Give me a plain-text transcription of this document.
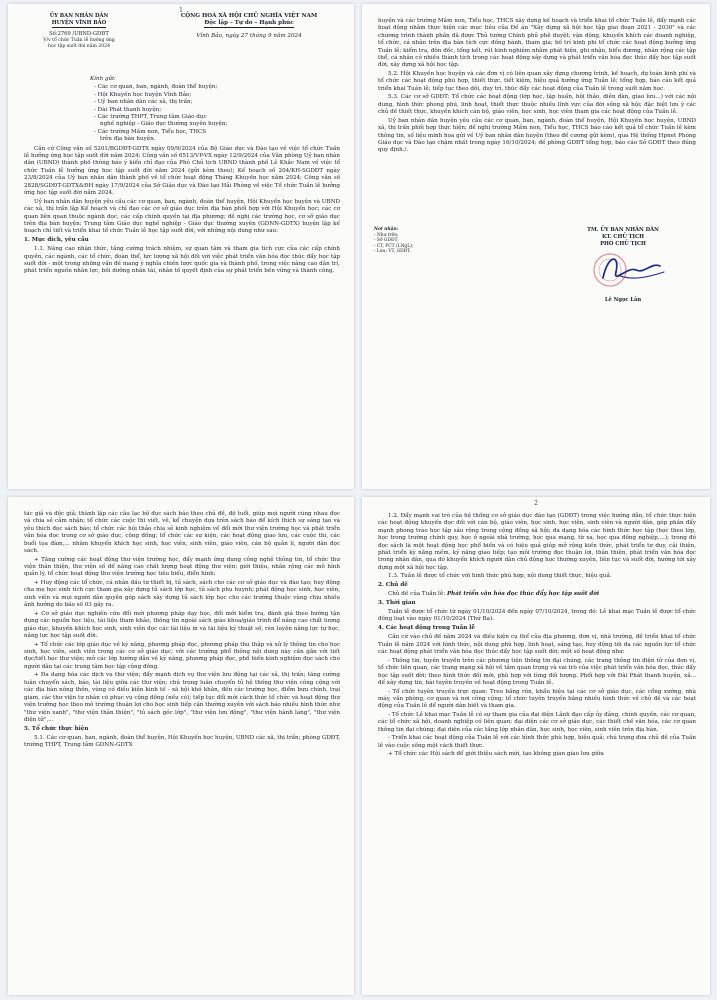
1
ỦY BAN NHÂN DÂN
HUYỆN VĨNH BẢO
Số:2769 /UBND-GDĐT
V/v tổ chức Tuần lễ hưởng ứng
học tập suốt đời năm 2024
CỘNG HOÀ XÃ HỘI CHỦ NGHĨA VIỆT NAM
Độc lập – Tự do – Hạnh phúc
Vĩnh Bảo, ngày 27 tháng 9 năm 2024
Kính gửi:
- Các cơ quan, ban, ngành, đoàn thể huyện;
- Hội Khuyến học huyện Vĩnh Bảo;
- Uỷ ban nhân dân các xã, thị trấn;
- Đài Phát thanh huyện;
- Các trường THPT, Trung tâm Giáo dục
nghề nghiệp - Giáo dục thường xuyên huyện;
- Các trường Mầm non, Tiểu học, THCS
trên địa bàn huyện.

Căn cứ Công văn số 5201/BGDĐT-GDTX ngày 09/9/2024 của Bộ Giáo dục và Đào tạo về việc tổ chức Tuần lễ hưởng ứng học tập suốt đời năm 2024; Công văn số 6513/VP-VX ngày 12/9/2024 của Văn phòng Uỷ ban nhân dân (UBND) thành phố thông báo ý kiến chỉ đạo của Phó Chủ tịch UBND thành phố Lê Khắc Nam về việc tổ chức Tuần lễ hưởng ứng học tập suốt đời năm 2024 (gửi kèm theo); Kế hoạch số 204/KH-SGDĐT ngày 23/8/2024 của Uỷ ban nhân dân thành phố về tổ chức hoạt động Tháng Khuyến học năm 2024; Công văn số 2828/SGDĐT-GDTX&ĐH ngày 17/9/2024 của Sở Giáo dục và Đào tạo Hải Phòng về việc Tổ chức Tuần lễ hưởng ứng học tập suốt đời năm 2024.

Uỷ ban nhân dân huyện yêu cầu các cơ quan, ban, ngành, đoàn thể huyện, Hội Khuyến học huyện và UBND các xã, thị trấn lập Kế hoạch và chỉ đạo các cơ sở giáo dục trên địa bàn phối hợp với Hội Khuyến học; các cơ quan liên quan thuộc ngành dọc, các cấp chính quyền tại địa phương; đề nghị các trường học, cơ sở giáo dục trên địa bàn huyện; Trung tâm Giáo dục nghề nghiệp - Giáo dục thường xuyên (GDNN-GDTX) huyện lập kế hoạch chỉ tiết và triển khai tổ chức Tuần lễ học tập suốt đời, với những nội dung như sau:

1. Mục đích, yêu cầu

1.1. Nâng cao nhận thức, tăng cường trách nhiệm, sự quan tâm và tham gia tích cực của các cấp chính quyền, các ngành, các tổ chức, đoàn thể, lực lượng xã hội đối với việc phát triển văn hóa đọc thúc đẩy học tập suốt đời - một trong những vấn đề mang ý nghĩa chiến lược quốc gia và thành phố, trong việc nâng cao dân trí, phát triển nguồn nhân lực, bồi dưỡng nhân tài, nhân tố quyết định của sự phát triển bền vững và thành công.

huyện và các trường Mầm non, Tiểu học, THCS xây dựng kế hoạch và triển khai tổ chức Tuần lễ, đẩy mạnh các hoạt động nhằm thực hiện các mục tiêu của Đề án "Xây dựng xã hội học tập giai đoạn 2021 - 2030" và các chương trình thành phần đã được Thủ tướng Chính phủ phê duyệt; vận động, khuyến khích các doanh nghiệp, tổ chức, cá nhân trên địa bàn tích cực đồng hành, tham gia; bố trí kinh phí tổ chức các hoạt động hưởng ứng Tuần lễ; kiểm tra, đôn đốc, tổng kết, rút kinh nghiệm nhằm phát hiện, ghi nhận, biểu dương, nhân rộng các tập thể, cá nhân có nhiều thành tích trong các hoạt động xây dựng và phát triển văn hóa đọc thúc đẩy học tập suốt đời, xây dựng xã hội học tập.

5.2. Hội Khuyến học huyện và các đơn vị có liên quan xây dựng chương trình, kế hoạch, dự toán kinh phí và tổ chức các hoạt động phù hợp, thiết thực, tiết kiệm, hiệu quả hưởng ứng Tuần lễ; tổng hợp, báo cáo kết quả triển khai Tuần lễ; tiếp tục theo dõi, duy trì, thúc đẩy các hoạt động của Tuần lễ trong suốt năm học.

5.3. Các cơ sở GDĐT: Tổ chức các hoạt động (lớp học, tập huấn, hội thảo, diễn đàn, giao lưu...) với các nội dung, hình thức phong phú, linh hoạt, thiết thực thuộc nhiều lĩnh vực của đời sống xã hội; đặc biệt lưu ý các chủ đề thiết thực, khuyến khích cán bộ, giáo viên, học sinh, học viên tham gia các hoạt động của Tuần lễ.

Uỷ ban nhân dân huyện yêu cầu các cơ quan, ban, ngành, đoàn thể huyện, Hội Khuyến học huyện, UBND xã, thị trấn phối hợp thực hiện; đề nghị trường Mầm non, Tiểu học, THCS báo cáo kết quả tổ chức Tuần lễ kèm thông tin, số liệu minh họa gửi về Uỷ ban nhân dân huyện (theo đề cương gửi kèm), qua Hệ thống Hpnet Phòng Giáo dục và Đào tạo chậm nhất trong ngày 16/10/2024; đề phòng GDĐT tổng hợp, báo cáo Sở GDĐT theo đúng quy định./.

Nơi nhận:
- Như trên;
- Sở GDĐT;
- CT, PCT (LNgL);
- Lưu: VT, GDĐT.
TM. ỦY BAN NHÂN DÂN
KT. CHỦ TỊCH
PHÓ CHỦ TỊCH
Lê Ngọc Lân

tác giả và độc giả; thành lập các câu lạc bộ đọc sách báo theo chủ đề, độ tuổi, giúp mọi người cùng nhau đọc và chia sẻ cảm nhận; tổ chức các cuộc thi viết, vẽ, kể chuyện dựa trên sách báo để kích thích sự sáng tạo và yêu thích đọc sách báo; tổ chức các hội thảo chia sẻ kinh nghiệm về đổi mới thư viện trường học và phát triển văn hóa đọc trong cơ sở giáo dục, cộng đồng; tổ chức các sự kiện, các hoạt động giao lưu, các cuộc thi, các buổi tọa đàm,... nhằm khuyến khích học sinh, học viên, sinh viên, giáo viên, cán bộ quản lí, người dân đọc sách.

+ Tăng cường các hoạt động thư viện trường học, đẩy mạnh ứng dụng công nghệ thông tin, tổ chức thư viện thân thiện, thư viện số để nâng cao chất lượng hoạt động thư viện; giới thiệu, nhân rộng các mô hình quản lý, tổ chức hoạt động thư viện trường học tiêu biểu, điển hình;

+ Huy động các tổ chức, cá nhân đầu tư thiết bị, tủ sách, sách cho các cơ sở giáo dục và đào tạo; huy động cha mẹ học sinh tích cực tham gia xây dựng tủ sách lớp học, tủ sách phụ huynh; phát động học sinh, học viên, sinh viên và mọi người dân quyên góp sách xây dựng tủ sách lớp học cho các trường thuộc vùng chịu nhiều ảnh hưởng do bão số 03 gây ra.

+ Cơ sở giáo dục nghiên cứu đổi mới phương pháp dạy học, đổi mới kiểm tra, đánh giá theo hướng tận dụng các nguồn học liệu, tài liệu tham khảo, thông tin ngoài sách giáo khoa/giáo trình để nâng cao chất lượng giáo dục, khuyến khích học sinh, sinh viên đọc các tài liệu in và tài liệu kỹ thuật số, rèn luyện năng lực tự học, nâng lực học tập suốt đời.

+ Tổ chức các lớp giáo dục về kỹ năng, phương pháp đọc, phương pháp thu thập và xử lý thông tin cho học sinh, học viên, sinh viên trong các cơ sở giáo dục; với các trường phổ thông nội dung này cần gắn với tiết đọc/tiết học thư viện; mở các lớp hướng dẫn về kỹ năng, phương pháp đọc, phổ biến kinh nghiệm đọc sách cho người dân tại các trung tâm học tập cộng đồng.

+ Đa dạng hóa các dịch vụ thư viện; đẩy mạnh dịch vụ thư viện lưu động tại các xã, thị trấn; tăng cường luân chuyển sách, báo, tài liệu giữa các thư viện; chú trọng luân chuyển tủ hệ thống thư viện công cộng với các địa bàn nông thôn, vùng có điều kiện kinh tế - xã hội khó khăn, đến các trường học, điểm bưu chính, trại giam, các thư viện tư nhân có phục vụ cộng đồng (nếu có); tiếp tục đổi mới cách thức tổ chức và hoạt động thư viện trường học theo mô trường thuận lợi cho học sinh tiếp cận thường xuyên với sách báo nhiều hình thức như "thư viện xanh", "thư viện thân thiện", "tủ sách góc lớp", "thư viện lưu động", "thư viện hành lang", "thư viện điện tử",...

5. Tổ chức thực hiện

5.1. Các cơ quan, ban, ngành, đoàn thể huyện, Hội Khuyến học huyện, UBND các xã, thị trấn; phòng GDĐT, trường THPT, Trung tâm GDNN-GDTX

2

1.2. Đẩy mạnh vai trò của hệ thống cơ sở giáo dục đào tạo (GDĐT) trong việc hướng dẫn, tổ chức thực hiện các hoạt động khuyến đọc đối với cán bộ, giáo viên, học sinh, học viên, sinh viên và người dân, góp phần đẩy mạnh phong trào học tập sâu rộng trong cộng đồng xã hội; đa dạng hóa các hình thức học tập (học theo lớp, học trong trường chính quy, học ở ngoài nhà trường, học qua mạng, từ xa, học qua đồng nghiệp,...); trong đó đọc sách là một hoạt động học phổ biến và có hiệu quả giúp mở rộng kiến thức, phát triển tư duy, cải thiện, phát triển kỹ năng mềm, kỹ năng giao tiếp; tạo môi trường đọc thuận lợi, thân thiện, phát triển văn hóa đọc trong nhân dân, qua đó khuyến khích người dân chủ động học thường xuyên, liên tục và suốt đời, hướng tới xây dựng một xã hội học tập.

1.3. Tuần lễ được tổ chức với hình thức phù hợp, nội dung thiết thực, hiệu quả.

2. Chủ đề

Chủ đề của Tuần lễ: Phát triển văn hóa đọc thúc đẩy học tập suốt đời

3. Thời gian

Tuần lễ được tổ chức từ ngày 01/10/2024 đến ngày 07/10/2024, trong đó: Lễ khai mạc Tuần lễ được tổ chức đồng loạt vào ngày 01/10/2024 (Thứ Ba).

4. Các hoạt động trong Tuần lễ

Căn cứ vào chủ đề năm 2024 và điều kiện cụ thể của địa phương, đơn vị, nhà trường, đề triển khai tổ chức Tuần lễ năm 2024 với hình thức, nội dung phù hợp, linh hoạt, sáng tạo, huy động tối đa các nguồn lực tổ chức các hoạt động phát triển văn hóa đọc thúc đẩy học tập suốt đời; một số hoạt động như:

- Thông tin, tuyên truyền trên các phương tiện thông tin đại chúng, các trang thông tin điện tử của đơn vị, tổ chức liên quan, các trang mạng xã hội về tầm quan trọng và vai trò của việc phát triển văn hóa đọc, thúc đẩy học tập suốt đời; theo hình thức đối mới, phù hợp với từng đối tượng. Phối hợp với Đài Phát thanh huyện, xã... để xây dựng tin, bài tuyên truyền về hoạt động trong Tuần lễ.

- Tổ chức tuyên truyền trực quan: Treo băng rôn, khẩu hiệu tại các cơ sở giáo dục, các cổng xướng, nhà máy, văn phòng, cơ quan và nơi công cộng; tổ chức tuyên truyền bằng nhiều hình thức về chủ đề và các hoạt động của Tuần lễ để người dân biết và tham gia.

- Tổ chức Lễ khai mạc Tuần lễ có sự tham gia của đại diện Lãnh đạo cấp ủy đảng, chính quyền, các cơ quan, các tổ chức xã hội, doanh nghiệp có liên quan; đại diện các cơ sở giáo dục, các thiết chế văn hóa, các cơ quan thông tin đại chúng; đại diện của các tầng lớp nhân dân, học sinh, học viên, sinh viên trên địa bàn.

- Triển khai các hoạt động của Tuần lễ với các hình thức phù hợp, hiệu quả; chú trọng đưa chủ đề của Tuần lễ vào cuộc sống một cách thiết thực.

+ Tổ chức các Hội sách để giới thiệu sách mới, tạo không gian giao lưu giữa
